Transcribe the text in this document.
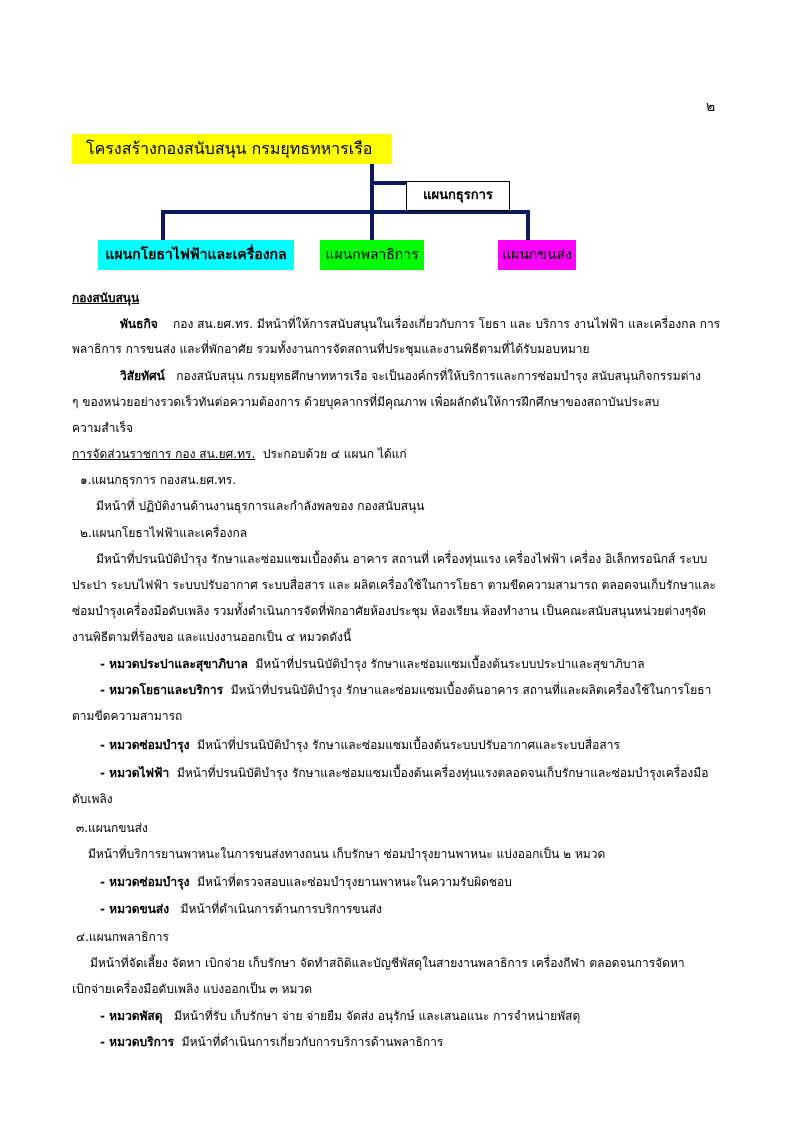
๒
โครงสร้างกองสนับสนุน กรมยุทธทหารเรือ
แผนกธุรการ
แผนกโยธาไฟฟ้าและเครื่องกล	แผนกพลาธิการ	แผนกขนส่ง
กองสนับสนุน
พันธกิจ กอง สน.ยศ.ทร. มีหน้าที่ให้การสนับสนุนในเรื่องเกี่ยวกับการ โยธา และ บริการ งานไฟฟ้า และเครื่องกล การ
พลาธิการ การขนส่ง และที่พักอาศัย รวมทั้งงานการจัดสถานที่ประชุมและงานพิธีตามที่ได้รับมอบหมาย
วิสัยทัศน์ กองสนับสนุน กรมยุทธศึกษาทหารเรือ จะเป็นองค์กรที่ให้บริการและการซ่อมบำรุง สนับสนุนกิจกรรมต่าง
ๆ ของหน่วยอย่างรวดเร็วทันต่อความต้องการ ด้วยบุคลากรที่มีคุณภาพ เพื่อผลักดันให้การฝึกศึกษาของสถาบันประสบ
ความสำเร็จ
การจัดส่วนราชการ กอง สน.ยศ.ทร. ประกอบด้วย ๔ แผนก ได้แก่
๑.แผนกธุรการ กองสน.ยศ.ทร.
มีหน้าที่ ปฏิบัติงานด้านงานธุรการและกำลังพลของ กองสนับสนุน
๒.แผนกโยธาไฟฟ้าและเครื่องกล
มีหน้าที่ปรนนิบัติบำรุง รักษาและซ่อมแซมเบื้องต้น อาคาร สถานที่ เครื่องทุ่นแรง เครื่องไฟฟ้า เครื่อง อิเล็กทรอนิกส์ ระบบ
ประปา ระบบไฟฟ้า ระบบปรับอากาศ ระบบสื่อสาร และ ผลิตเครื่องใช้ในการโยธา ตามขีดความสามารถ ตลอดจนเก็บรักษาและ
ซ่อมบำรุงเครื่องมือดับเพลิง รวมทั้งดำเนินการจัดที่พักอาศัยห้องประชุม ห้องเรียน ห้องทำงาน เป็นคณะสนับสนุนหน่วยต่างๆจัด
งานพิธีตามที่ร้องขอ และแบ่งงานออกเป็น ๔ หมวดดังนี้
- หมวดประปาและสุขาภิบาล มีหน้าที่ปรนนิบัติบำรุง รักษาและซ่อมแซมเบื้องต้นระบบประปาและสุขาภิบาล
- หมวดโยธาและบริการ มีหน้าที่ปรนนิบัติบำรุง รักษาและซ่อมแซมเบื้องต้นอาคาร สถานที่และผลิตเครื่องใช้ในการโยธา
ตามขีดความสามารถ
- หมวดซ่อมบำรุง มีหน้าที่ปรนนิบัติบำรุง รักษาและซ่อมแซมเบื้องต้นระบบปรับอากาศและระบบสื่อสาร
- หมวดไฟฟ้า มีหน้าที่ปรนนิบัติบำรุง รักษาและซ่อมแซมเบื้องต้นเครื่องทุ่นแรงตลอดจนเก็บรักษาและซ่อมบำรุงเครื่องมือ
ดับเพลิง
๓.แผนกขนส่ง
มีหน้าที่บริการยานพาหนะในการขนส่งทางถนน เก็บรักษา ซ่อมบำรุงยานพาหนะ แบ่งออกเป็น ๒ หมวด
- หมวดซ่อมบำรุง มีหน้าที่ตรวจสอบและซ่อมบำรุงยานพาหนะในความรับผิดชอบ
- หมวดขนส่ง มีหน้าที่ดำเนินการด้านการบริการขนส่ง
๔.แผนกพลาธิการ
มีหน้าที่จัดเลี้ยง จัดหา เบิกจ่าย เก็บรักษา จัดทำสถิติและบัญชีพัสดุในสายงานพลาธิการ เครื่องกีฬา ตลอดจนการจัดหา
เบิกจ่ายเครื่องมือดับเพลิง แบ่งออกเป็น ๓ หมวด
- หมวดพัสดุ มีหน้าที่รับ เก็บรักษา จ่าย จ่ายยืม จัดส่ง อนุรักษ์ และเสนอแนะ การจำหน่ายพัสดุ
- หมวดบริการ มีหน้าที่ดำเนินการเกี่ยวกับการบริการด้านพลาธิการ
